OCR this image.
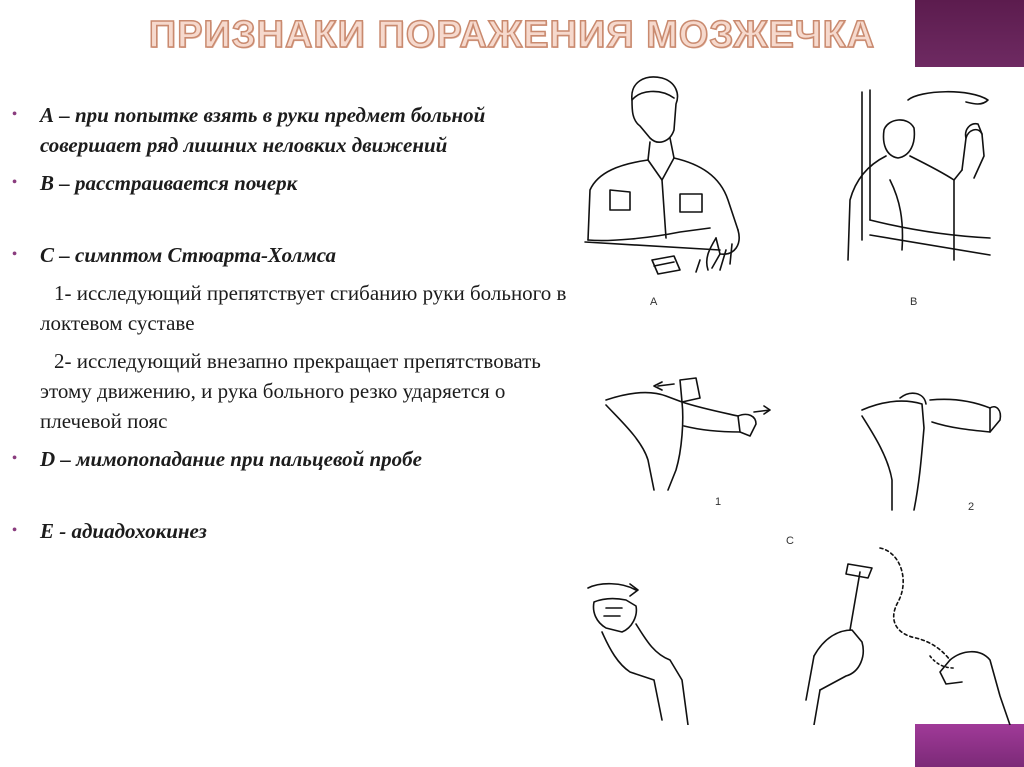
ПРИЗНАКИ ПОРАЖЕНИЯ МОЗЖЕЧКА

• А – при попытке взять в руки предмет больной совершает ряд лишних неловких движений

• В – расстраивается почерк

• С – симптом Стюарта-Холмса

1- исследующий препятствует сгибанию руки больного в локтевом суставе

2- исследующий внезапно прекращает препятствовать этому движению, и рука больного резко ударяется о плечевой пояс

• D – мимопопадание при пальцевой пробе

• Е - адиадохокинез

A	B
1	2
C
